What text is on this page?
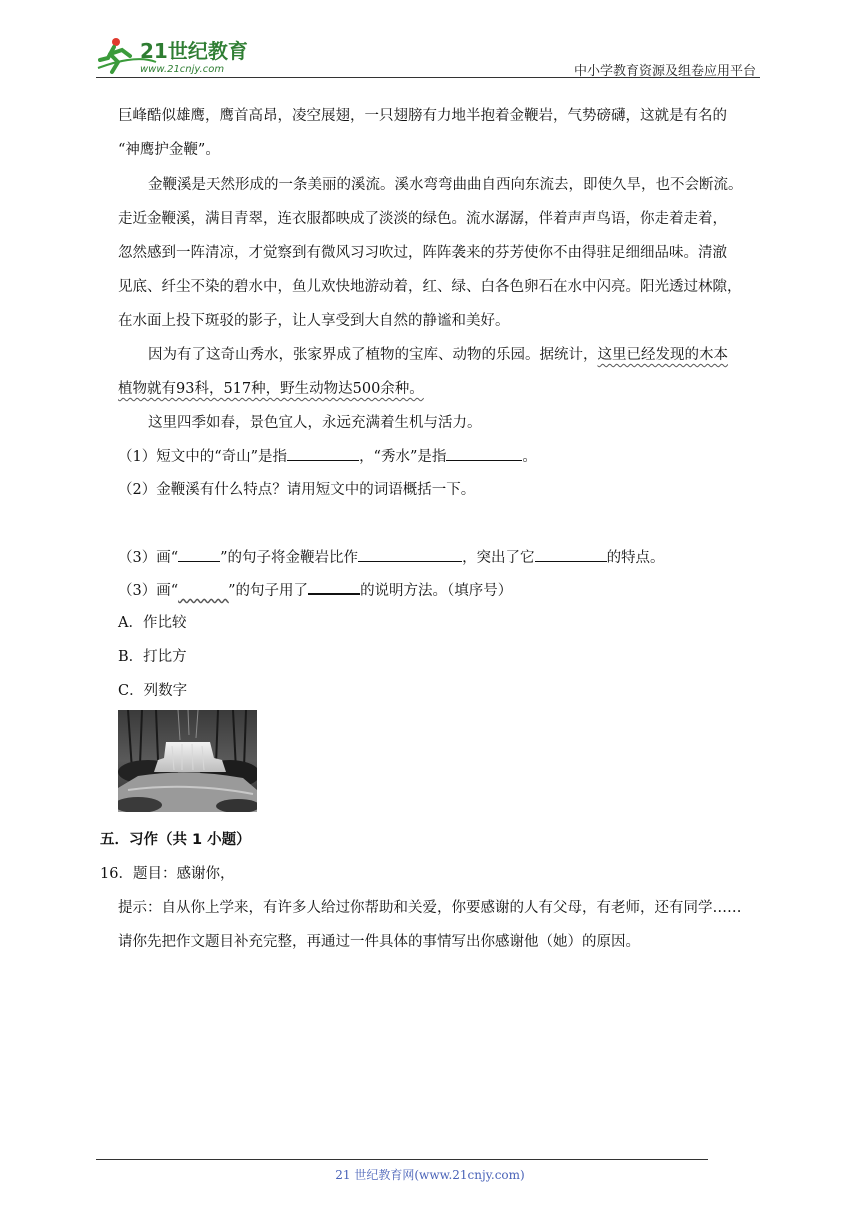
21世纪教育
www.21cnjy.com	中小学教育资源及组卷应用平台
巨峰酷似雄鹰，鹰首高昂，凌空展翅，一只翅膀有力地半抱着金鞭岩，气势磅礴，这就是有名的
“神鹰护金鞭”。
金鞭溪是天然形成的一条美丽的溪流。溪水弯弯曲曲自西向东流去，即使久旱，也不会断流。
走近金鞭溪，满目青翠，连衣服都映成了淡淡的绿色。流水潺潺，伴着声声鸟语，你走着走着，
忽然感到一阵清凉，才觉察到有微风习习吹过，阵阵袭来的芬芳使你不由得驻足细细品味。清澈
见底、纤尘不染的碧水中，鱼儿欢快地游动着，红、绿、白各色卵石在水中闪亮。阳光透过林隙，
在水面上投下斑驳的影子，让人享受到大自然的静谧和美好。
因为有了这奇山秀水，张家界成了植物的宝库、动物的乐园。据统计，这里已经发现的木本
植物就有93科，517种，野生动物达500余种。
这里四季如春，景色宜人，永远充满着生机与活力。
（1）短文中的“奇山”是指	，“秀水”是指	。
（2）金鞭溪有什么特点？请用短文中的词语概括一下。
（3）画“	”的句子将金鞭岩比作	，突出了它	的特点。
（3）画“​           ”的句子用了	的说明方法。（填序号）
A．作比较
B．打比方
C．列数字
五．习作（共 1 小题）
16．题目：感谢你，
提示：自从你上学来，有许多人给过你帮助和关爱，你要感谢的人有父母，有老师，还有同学……
请你先把作文题目补充完整，再通过一件具体的事情写出你感谢他（她）的原因。
21 世纪教育网(www.21cnjy.com)
